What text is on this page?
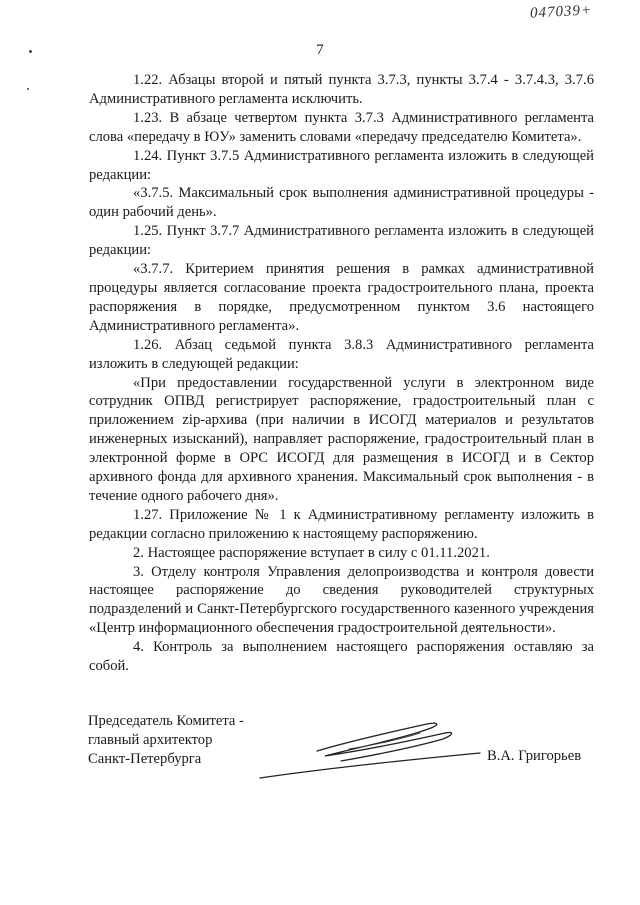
047039+
7

1.22. Абзацы второй и пятый пункта 3.7.3, пункты 3.7.4 - 3.7.4.3, 3.7.6 Административного регламента исключить.

1.23. В абзаце четвертом пункта 3.7.3 Административного регламента слова «передачу в ЮУ» заменить словами «передачу председателю Комитета».

1.24. Пункт 3.7.5 Административного регламента изложить в следующей редакции:

«3.7.5. Максимальный срок выполнения административной процедуры - один рабочий день».

1.25. Пункт 3.7.7 Административного регламента изложить в следующей редакции:

«3.7.7. Критерием принятия решения в рамках административной процедуры является согласование проекта градостроительного плана, проекта распоряжения в порядке, предусмотренном пунктом 3.6 настоящего Административного регламента».

1.26. Абзац седьмой пункта 3.8.3 Административного регламента изложить в следующей редакции:

«При предоставлении государственной услуги в электронном виде сотрудник ОПВД регистрирует распоряжение, градостроительный план с приложением zip-архива (при наличии в ИСОГД материалов и результатов инженерных изысканий), направляет распоряжение, градостроительный план в электронной форме в ОРС ИСОГД для размещения в ИСОГД и в Сектор архивного фонда для архивного хранения. Максимальный срок выполнения - в течение одного рабочего дня».

1.27. Приложение № 1 к Административному регламенту изложить в редакции согласно приложению к настоящему распоряжению.

2. Настоящее распоряжение вступает в силу с 01.11.2021.

3. Отделу контроля Управления делопроизводства и контроля довести настоящее распоряжение до сведения руководителей структурных подразделений и Санкт-Петербургского государственного казенного учреждения «Центр информационного обеспечения градостроительной деятельности».

4. Контроль за выполнением настоящего распоряжения оставляю за собой.

Председатель Комитета -
главный архитектор
Санкт-Петербурга	В.А. Григорьев
